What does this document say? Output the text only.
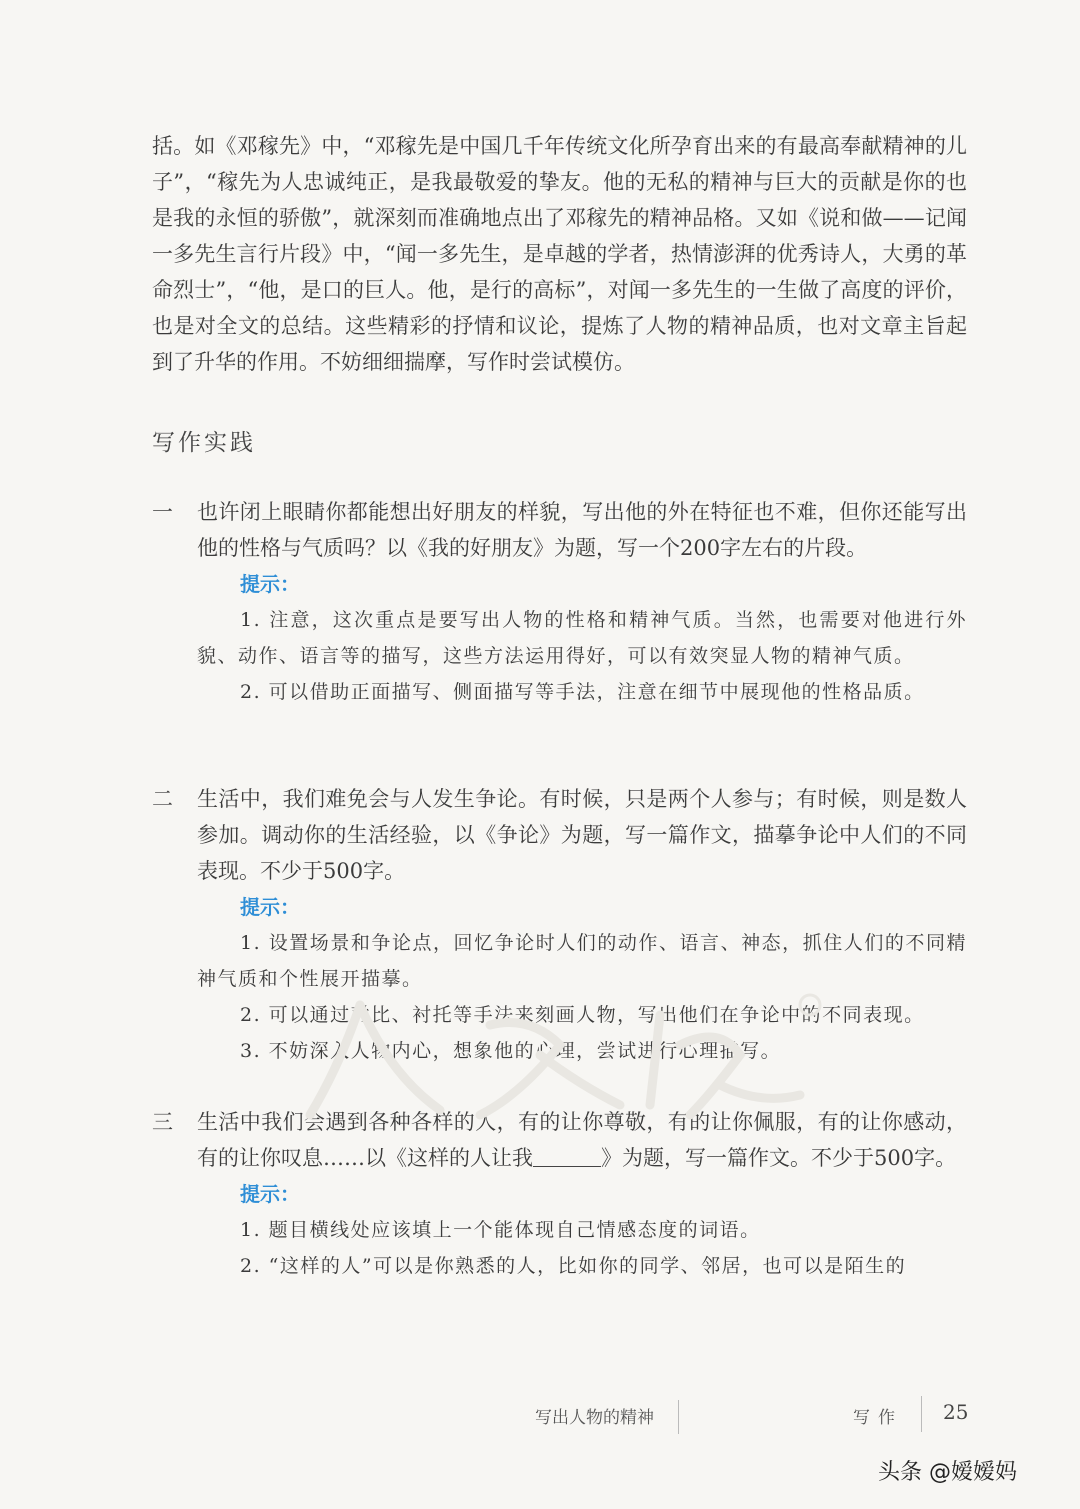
括。如《邓稼先》中，“邓稼先是中国几千年传统文化所孕育出来的有最高奉献精神的儿子”，“稼先为人忠诚纯正，是我最敬爱的挚友。他的无私的精神与巨大的贡献是你的也是我的永恒的骄傲”，就深刻而准确地点出了邓稼先的精神品格。又如《说和做——记闻一多先生言行片段》中，“闻一多先生，是卓越的学者，热情澎湃的优秀诗人，大勇的革命烈士”，“他，是口的巨人。他，是行的高标”，对闻一多先生的一生做了高度的评价，也是对全文的总结。这些精彩的抒情和议论，提炼了人物的精神品质，也对文章主旨起到了升华的作用。不妨细细揣摩，写作时尝试模仿。
写作实践
一 也许闭上眼睛你都能想出好朋友的样貌，写出他的外在特征也不难，但你还能写出他的性格与气质吗？以《我的好朋友》为题，写一个200字左右的片段。
提示：
1. 注意，这次重点是要写出人物的性格和精神气质。当然，也需要对他进行外貌、动作、语言等的描写，这些方法运用得好，可以有效突显人物的精神气质。
2. 可以借助正面描写、侧面描写等手法，注意在细节中展现他的性格品质。
二 生活中，我们难免会与人发生争论。有时候，只是两个人参与；有时候，则是数人参加。调动你的生活经验，以《争论》为题，写一篇作文，描摹争论中人们的不同表现。不少于500字。
提示：
1. 设置场景和争论点，回忆争论时人们的动作、语言、神态，抓住人们的不同精神气质和个性展开描摹。
2. 可以通过对比、衬托等手法来刻画人物，写出他们在争论中的不同表现。
3. 不妨深入人物内心，想象他的心理，尝试进行心理描写。
三 生活中我们会遇到各种各样的人，有的让你尊敬，有的让你佩服，有的让你感动，有的让你叹息……以《这样的人让我	》为题，写一篇作文。不少于500字。
提示：
1. 题目横线处应该填上一个能体现自己情感态度的词语。
2. “这样的人”可以是你熟悉的人，比如你的同学、邻居，也可以是陌生的
写出人物的精神	写作 25
头条 @嫒嫒妈
